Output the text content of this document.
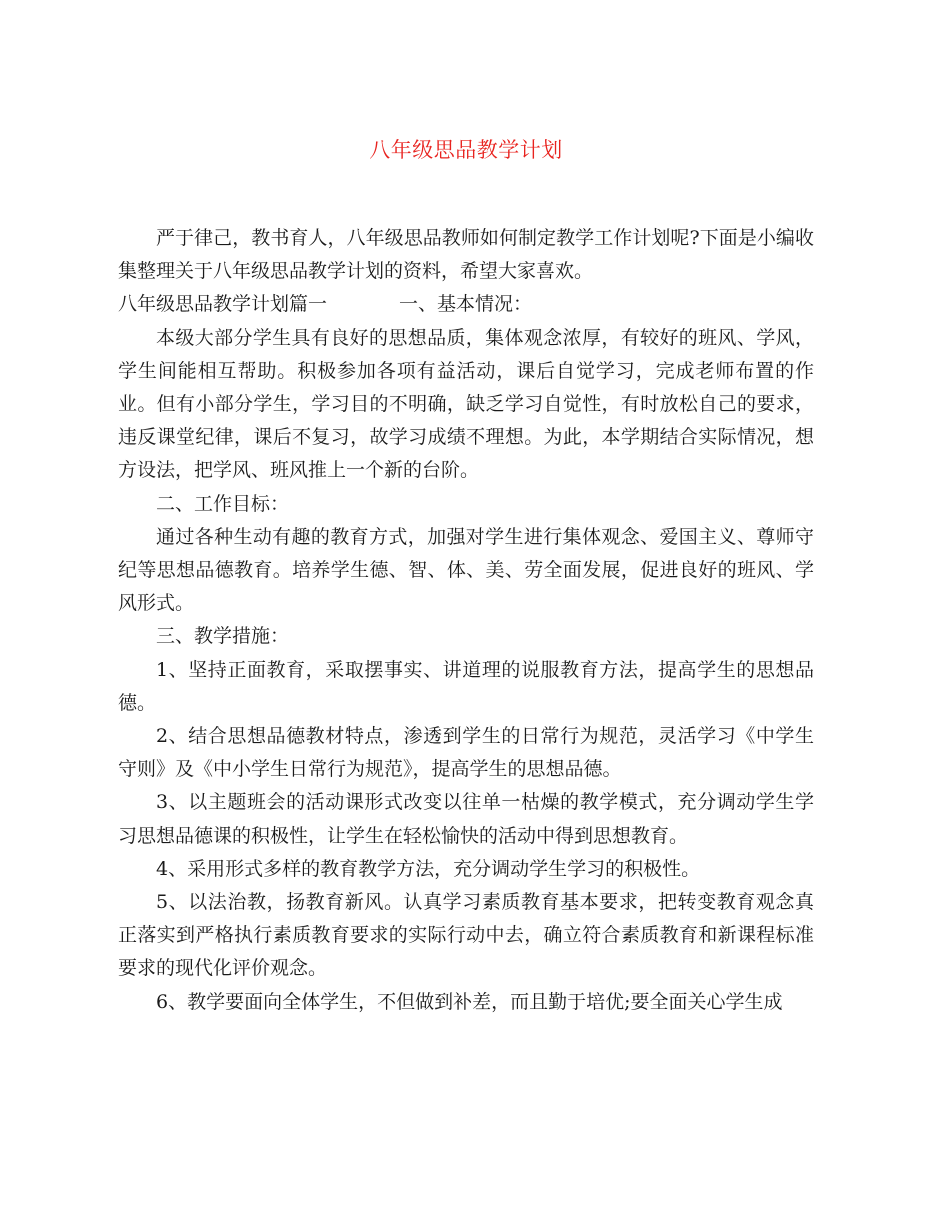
八年级思品教学计划

严于律己，教书育人，八年级思品教师如何制定教学工作计划呢?下面是小编收集整理关于八年级思品教学计划的资料，希望大家喜欢。

八年级思品教学计划篇一	一、基本情况：

本级大部分学生具有良好的思想品质，集体观念浓厚，有较好的班风、学风，学生间能相互帮助。积极参加各项有益活动，课后自觉学习，完成老师布置的作业。但有小部分学生，学习目的不明确，缺乏学习自觉性，有时放松自己的要求，违反课堂纪律，课后不复习，故学习成绩不理想。为此，本学期结合实际情况，想方设法，把学风、班风推上一个新的台阶。

二、工作目标：

通过各种生动有趣的教育方式，加强对学生进行集体观念、爱国主义、尊师守纪等思想品德教育。培养学生德、智、体、美、劳全面发展，促进良好的班风、学风形式。

三、教学措施：

1、坚持正面教育，采取摆事实、讲道理的说服教育方法，提高学生的思想品德。

2、结合思想品德教材特点，渗透到学生的日常行为规范，灵活学习《中学生守则》及《中小学生日常行为规范》，提高学生的思想品德。

3、以主题班会的活动课形式改变以往单一枯燥的教学模式，充分调动学生学习思想品德课的积极性，让学生在轻松愉快的活动中得到思想教育。

4、采用形式多样的教育教学方法，充分调动学生学习的积极性。

5、以法治教，扬教育新风。认真学习素质教育基本要求，把转变教育观念真正落实到严格执行素质教育要求的实际行动中去，确立符合素质教育和新课程标准要求的现代化评价观念。

6、教学要面向全体学生，不但做到补差，而且勤于培优;要全面关心学生成
